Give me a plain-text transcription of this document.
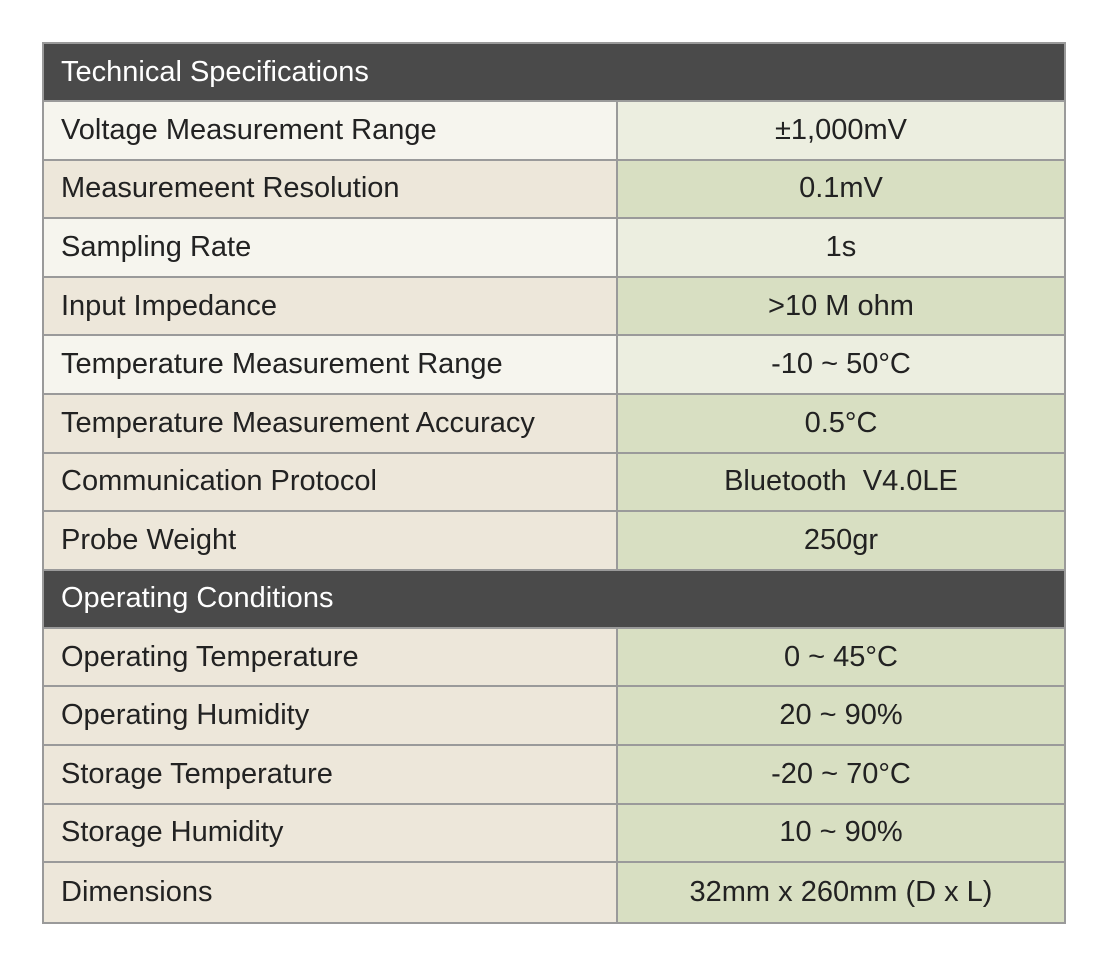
Technical Specifications
Voltage Measurement Range	±1,000mV
Measuremeent Resolution	0.1mV
Sampling Rate	1s
Input Impedance	>10 M ohm
Temperature Measurement Range	-10 ~ 50°C
Temperature Measurement Accuracy	0.5°C
Communication Protocol	Bluetooth  V4.0LE
Probe Weight	250gr
Operating Conditions
Operating Temperature	0 ~ 45°C
Operating Humidity	20 ~ 90%
Storage Temperature	-20 ~ 70°C
Storage Humidity	10 ~ 90%
Dimensions	32mm x 260mm (D x L)
